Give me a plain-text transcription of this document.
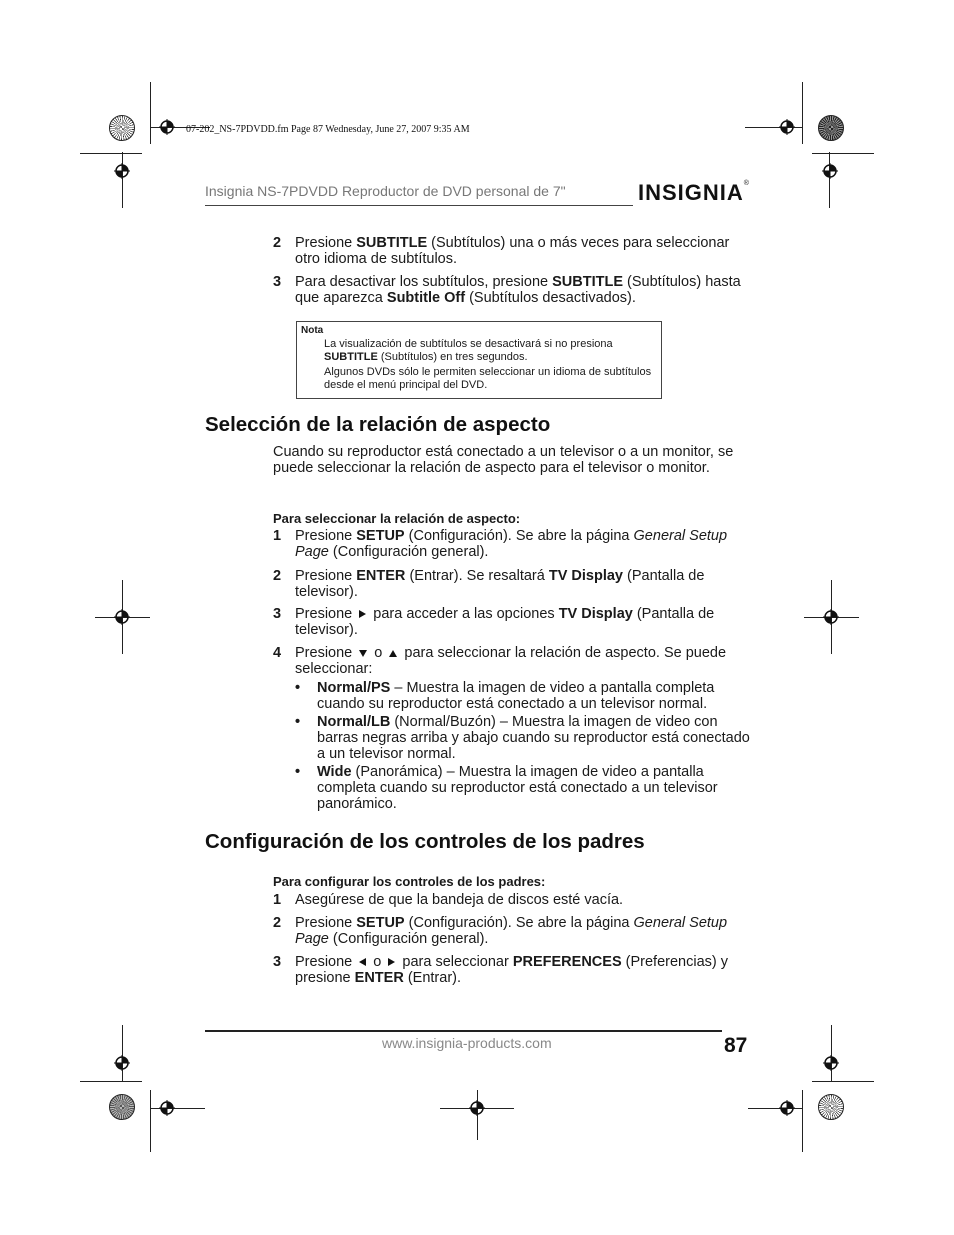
07-202_NS-7PDVDD.fm Page 87 Wednesday, June 27, 2007 9:35 AM
Insignia NS-7PDVDD Reproductor de DVD personal de 7"	INSIGNIA®
2 Presione SUBTITLE (Subtítulos) una o más veces para seleccionar otro idioma de subtítulos.
3 Para desactivar los subtítulos, presione SUBTITLE (Subtítulos) hasta que aparezca Subtitle Off (Subtítulos desactivados).
Nota
La visualización de subtítulos se desactivará si no presiona SUBTITLE (Subtítulos) en tres segundos.
Algunos DVDs sólo le permiten seleccionar un idioma de subtítulos desde el menú principal del DVD.
Selección de la relación de aspecto
Cuando su reproductor está conectado a un televisor o a un monitor, se puede seleccionar la relación de aspecto para el televisor o monitor.
Para seleccionar la relación de aspecto:
1 Presione SETUP (Configuración). Se abre la página General Setup Page (Configuración general).
2 Presione ENTER (Entrar). Se resaltará TV Display (Pantalla de televisor).
3 Presione  para acceder a las opciones TV Display (Pantalla de televisor).
4 Presione  o  para seleccionar la relación de aspecto. Se puede seleccionar:
• Normal/PS – Muestra la imagen de video a pantalla completa cuando su reproductor está conectado a un televisor normal.
• Normal/LB (Normal/Buzón) – Muestra la imagen de video con barras negras arriba y abajo cuando su reproductor está conectado a un televisor normal.
• Wide (Panorámica) – Muestra la imagen de video a pantalla completa cuando su reproductor está conectado a un televisor panorámico.
Configuración de los controles de los padres
Para configurar los controles de los padres:
1 Asegúrese de que la bandeja de discos esté vacía.
2 Presione SETUP (Configuración). Se abre la página General Setup Page (Configuración general).
3 Presione  o  para seleccionar PREFERENCES (Preferencias) y presione ENTER (Entrar).
www.insignia-products.com	87
